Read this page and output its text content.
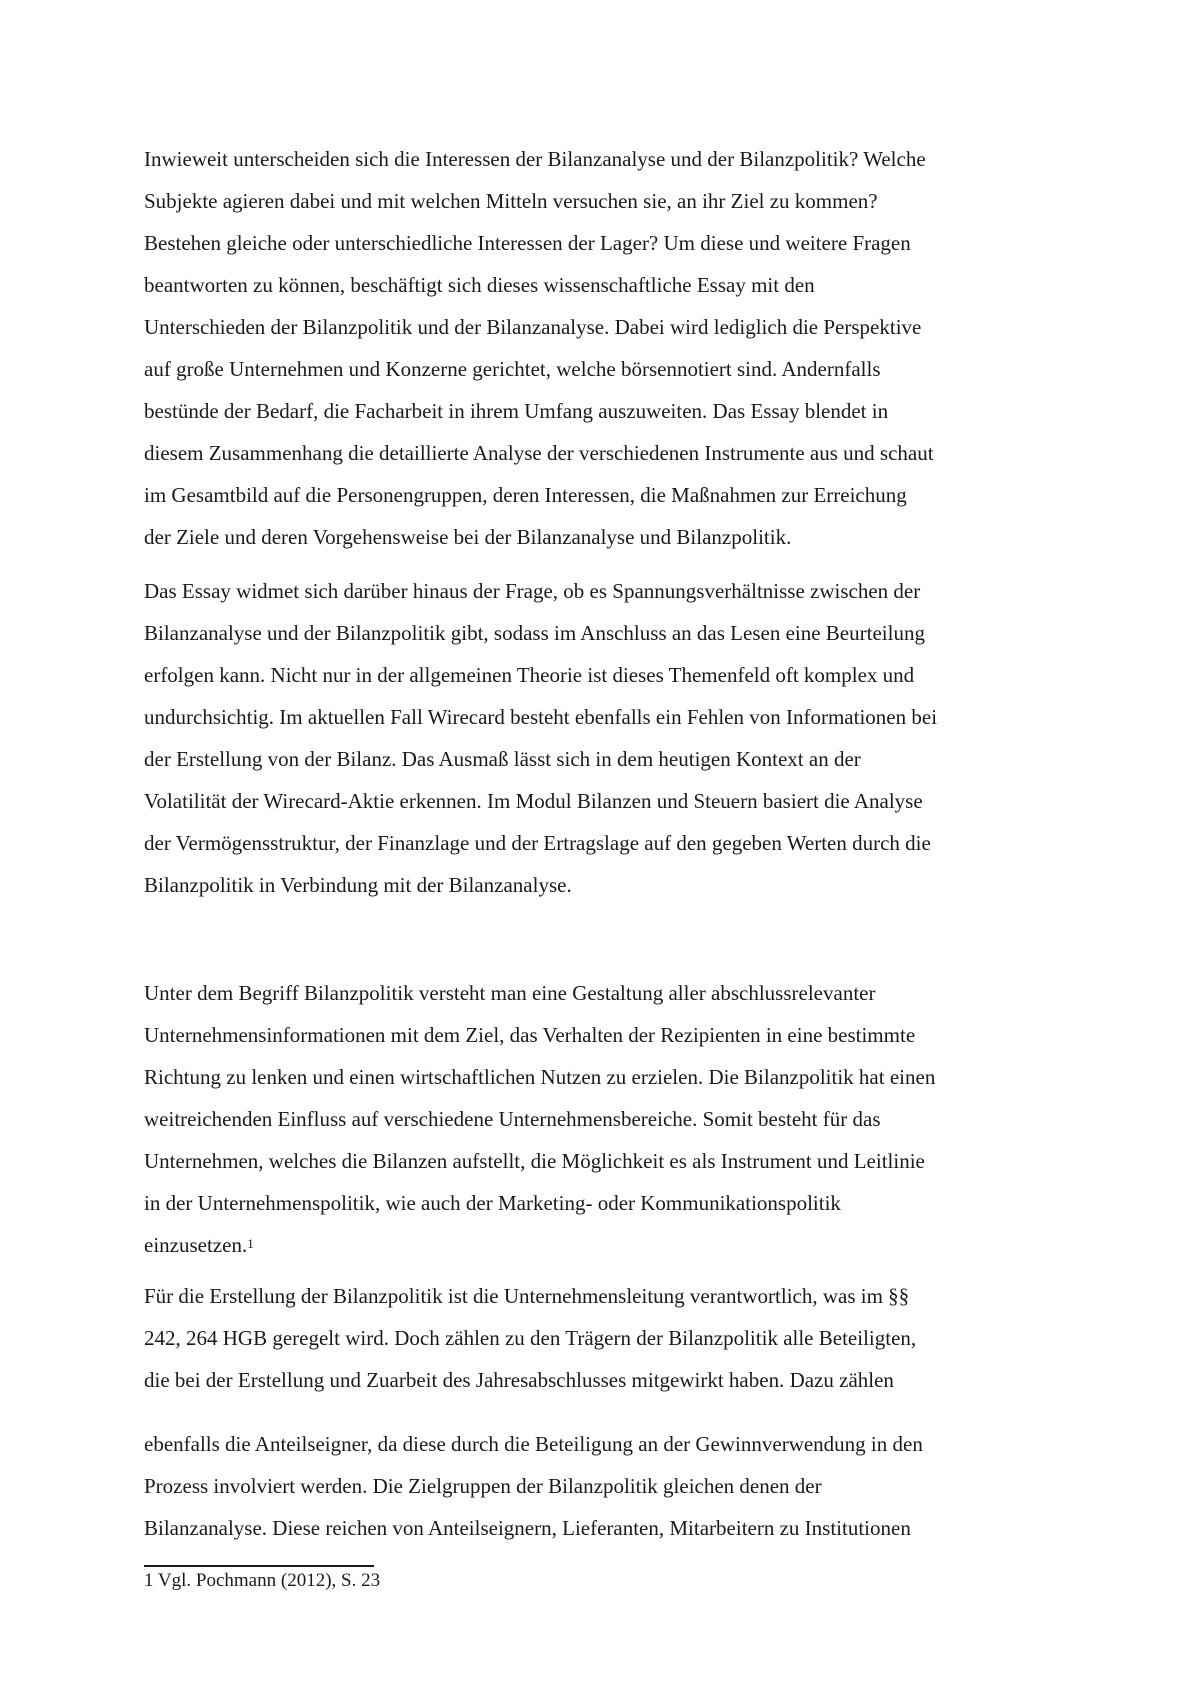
Inwieweit unterscheiden sich die Interessen der Bilanzanalyse und der Bilanzpolitik? Welche
Subjekte agieren dabei und mit welchen Mitteln versuchen sie, an ihr Ziel zu kommen?
Bestehen gleiche oder unterschiedliche Interessen der Lager? Um diese und weitere Fragen
beantworten zu können, beschäftigt sich dieses wissenschaftliche Essay mit den
Unterschieden der Bilanzpolitik und der Bilanzanalyse. Dabei wird lediglich die Perspektive
auf große Unternehmen und Konzerne gerichtet, welche börsennotiert sind. Andernfalls
bestünde der Bedarf, die Facharbeit in ihrem Umfang auszuweiten. Das Essay blendet in
diesem Zusammenhang die detaillierte Analyse der verschiedenen Instrumente aus und schaut
im Gesamtbild auf die Personengruppen, deren Interessen, die Maßnahmen zur Erreichung
der Ziele und deren Vorgehensweise bei der Bilanzanalyse und Bilanzpolitik.

Das Essay widmet sich darüber hinaus der Frage, ob es Spannungsverhältnisse zwischen der
Bilanzanalyse und der Bilanzpolitik gibt, sodass im Anschluss an das Lesen eine Beurteilung
erfolgen kann. Nicht nur in der allgemeinen Theorie ist dieses Themenfeld oft komplex und
undurchsichtig. Im aktuellen Fall Wirecard besteht ebenfalls ein Fehlen von Informationen bei
der Erstellung von der Bilanz. Das Ausmaß lässt sich in dem heutigen Kontext an der
Volatilität der Wirecard-Aktie erkennen. Im Modul Bilanzen und Steuern basiert die Analyse
der Vermögensstruktur, der Finanzlage und der Ertragslage auf den gegeben Werten durch die
Bilanzpolitik in Verbindung mit der Bilanzanalyse.

Unter dem Begriff Bilanzpolitik versteht man eine Gestaltung aller abschlussrelevanter
Unternehmensinformationen mit dem Ziel, das Verhalten der Rezipienten in eine bestimmte
Richtung zu lenken und einen wirtschaftlichen Nutzen zu erzielen. Die Bilanzpolitik hat einen
weitreichenden Einfluss auf verschiedene Unternehmensbereiche. Somit besteht für das
Unternehmen, welches die Bilanzen aufstellt, die Möglichkeit es als Instrument und Leitlinie
in der Unternehmenspolitik, wie auch der Marketing- oder Kommunikationspolitik
einzusetzen.$^1$

Für die Erstellung der Bilanzpolitik ist die Unternehmensleitung verantwortlich, was im §§
242, 264 HGB geregelt wird. Doch zählen zu den Trägern der Bilanzpolitik alle Beteiligten,
die bei der Erstellung und Zuarbeit des Jahresabschlusses mitgewirkt haben. Dazu zählen

ebenfalls die Anteilseigner, da diese durch die Beteiligung an der Gewinnverwendung in den
Prozess involviert werden. Die Zielgruppen der Bilanzpolitik gleichen denen der
Bilanzanalyse. Diese reichen von Anteilseignern, Lieferanten, Mitarbeitern zu Institutionen

1 Vgl. Pochmann (2012), S. 23
